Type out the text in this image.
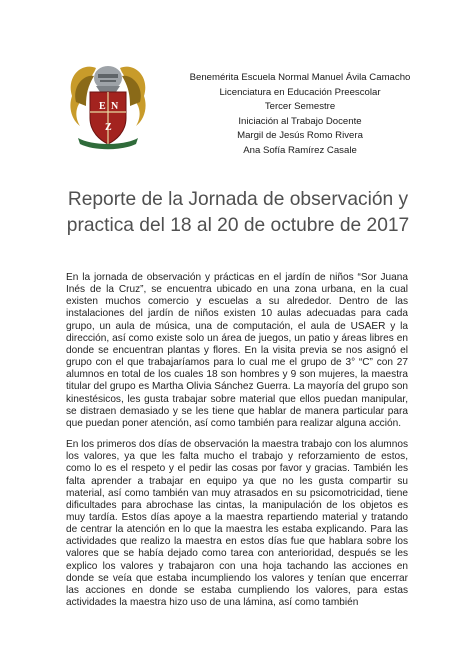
E N
Z
Benemérita Escuela Normal Manuel Ávila Camacho
Licenciatura en Educación Preescolar
Tercer Semestre
Iniciación al Trabajo Docente
Margil de Jesús Romo Rivera
Ana Sofía Ramírez Casale
Reporte de la Jornada de observación y practica del 18 al 20 de octubre de 2017

En la jornada de observación y prácticas en el jardín de niños “Sor Juana Inés de la Cruz”, se encuentra ubicado en una zona urbana, en la cual existen muchos comercio y escuelas a su alrededor. Dentro de las instalaciones del jardín de niños existen 10 aulas adecuadas para cada grupo, un aula de música, una de computación, el aula de USAER y la dirección, así como existe solo un área de juegos, un patio y áreas libres en donde se encuentran plantas y flores. En la visita previa se nos asignó el grupo con el que trabajaríamos para lo cual me el grupo de 3° “C” con 27 alumnos en total de los cuales 18 son hombres y 9 son mujeres, la maestra titular del grupo es Martha Olivia Sánchez Guerra. La mayoría del grupo son kinestésicos, les gusta trabajar sobre material que ellos puedan manipular, se distraen demasiado y se les tiene que hablar de manera particular para que puedan poner atención, así como también para realizar alguna acción.

En los primeros dos días de observación la maestra trabajo con los alumnos los valores, ya que les falta mucho el trabajo y reforzamiento de estos, como lo es el respeto y el pedir las cosas por favor y gracias. También les falta aprender a trabajar en equipo ya que no les gusta compartir su material, así como también van muy atrasados en su psicomotricidad, tiene dificultades para abrochase las cintas, la manipulación de los objetos es muy tardía. Estos días apoye a la maestra repartiendo material y tratando de centrar la atención en lo que la maestra les estaba explicando. Para las actividades que realizo la maestra en estos días fue que hablara sobre los valores que se había dejado como tarea con anterioridad, después se les explico los valores y trabajaron con una hoja tachando las acciones en donde se veía que estaba incumpliendo los valores y tenían que encerrar las acciones en donde se estaba cumpliendo los valores, para estas actividades la maestra hizo uso de una lámina, así como también
